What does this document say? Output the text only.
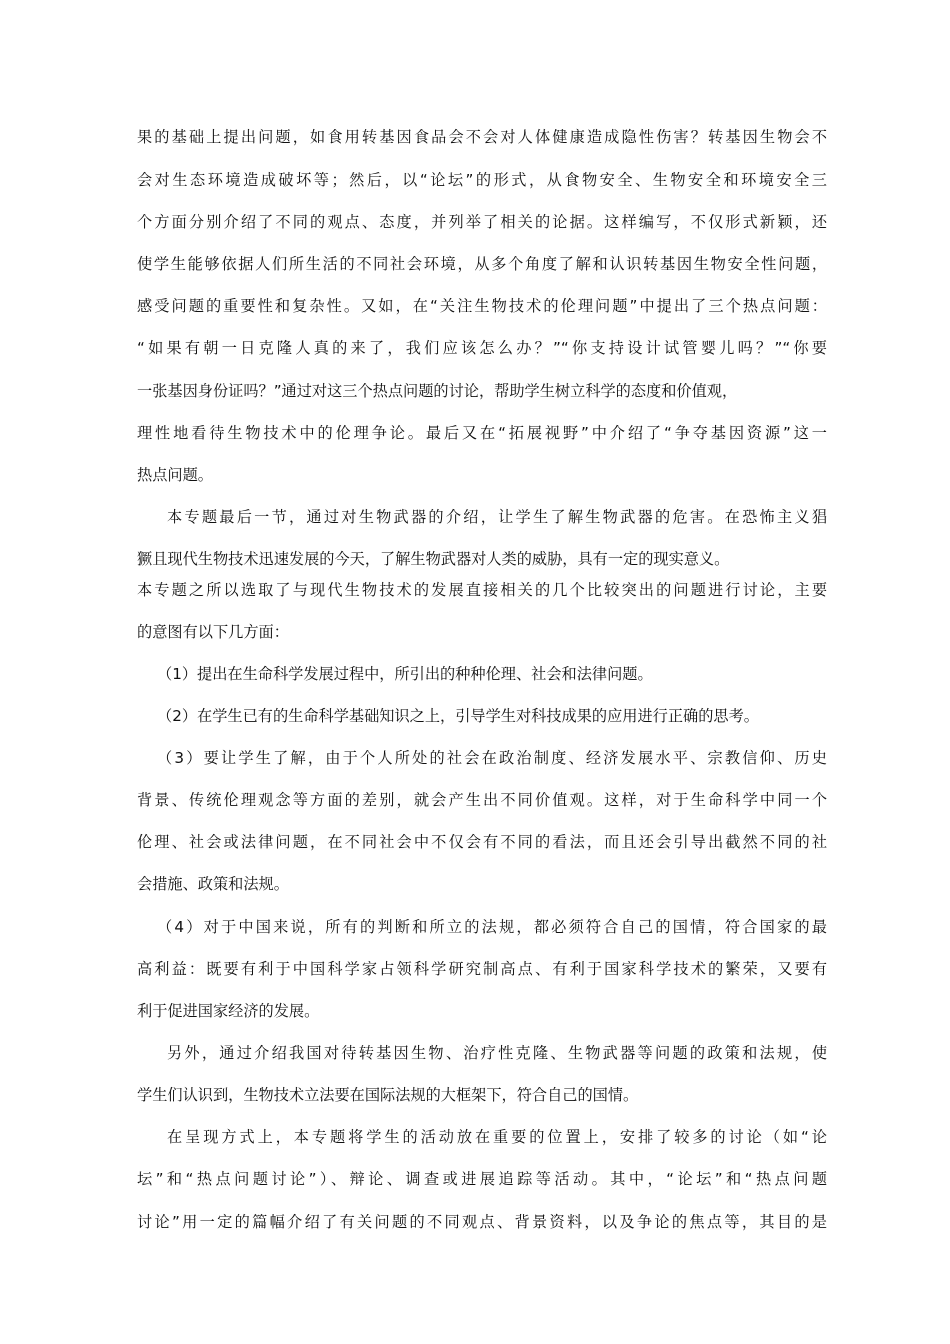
果的基础上提出问题，如食用转基因食品会不会对人体健康造成隐性伤害？转基因生物会不
会对生态环境造成破坏等；然后，以“论坛”的形式，从食物安全、生物安全和环境安全三
个方面分别介绍了不同的观点、态度，并列举了相关的论据。这样编写，不仅形式新颖，还
使学生能够依据人们所生活的不同社会环境，从多个角度了解和认识转基因生物安全性问题，
感受问题的重要性和复杂性。又如，在“关注生物技术的伦理问题”中提出了三个热点问题：
“如果有朝一日克隆人真的来了，我们应该怎么办？”“你支持设计试管婴儿吗？”“你要
一张基因身份证吗？”通过对这三个热点问题的讨论，帮助学生树立科学的态度和价值观，
理性地看待生物技术中的伦理争论。最后又在“拓展视野”中介绍了“争夺基因资源”这一
热点问题。
本专题最后一节，通过对生物武器的介绍，让学生了解生物武器的危害。在恐怖主义猖
獗且现代生物技术迅速发展的今天，了解生物武器对人类的威胁，具有一定的现实意义。
本专题之所以选取了与现代生物技术的发展直接相关的几个比较突出的问题进行讨论，主要
的意图有以下几方面：
（1）提出在生命科学发展过程中，所引出的种种伦理、社会和法律问题。
（2）在学生已有的生命科学基础知识之上，引导学生对科技成果的应用进行正确的思考。
（3）要让学生了解，由于个人所处的社会在政治制度、经济发展水平、宗教信仰、历史
背景、传统伦理观念等方面的差别，就会产生出不同价值观。这样，对于生命科学中同一个
伦理、社会或法律问题，在不同社会中不仅会有不同的看法，而且还会引导出截然不同的社
会措施、政策和法规。
（4）对于中国来说，所有的判断和所立的法规，都必须符合自己的国情，符合国家的最
高利益：既要有利于中国科学家占领科学研究制高点、有利于国家科学技术的繁荣，又要有
利于促进国家经济的发展。
另外，通过介绍我国对待转基因生物、治疗性克隆、生物武器等问题的政策和法规，使
学生们认识到，生物技术立法要在国际法规的大框架下，符合自己的国情。
在呈现方式上，本专题将学生的活动放在重要的位置上，安排了较多的讨论（如“论
坛”和“热点问题讨论”）、辩论、调查或进展追踪等活动。其中，“论坛”和“热点问题
讨论”用一定的篇幅介绍了有关问题的不同观点、背景资料，以及争论的焦点等，其目的是
